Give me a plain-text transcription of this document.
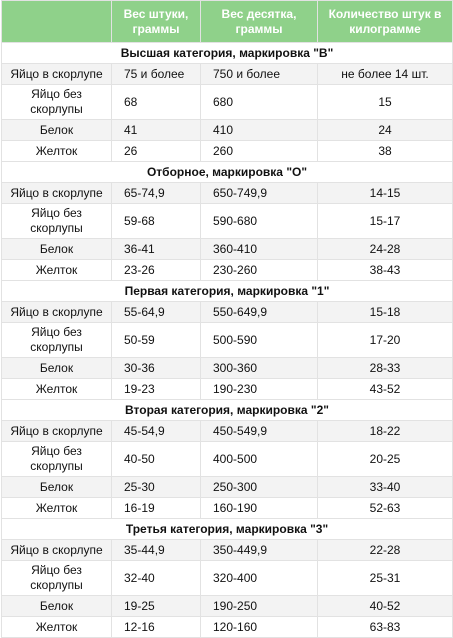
	Вес штуки, граммы	Вес десятка, граммы	Количество штук в килограмме
Высшая категория, маркировка "В"			
Яйцо в скорлупе	75 и более	750 и более	не более 14 шт.
Яйцо без скорлупы	68	680	15
Белок	41	410	24
Желток	26	260	38
Отборное, маркировка "О"			
Яйцо в скорлупе	65-74,9	650-749,9	14-15
Яйцо без скорлупы	59-68	590-680	15-17
Белок	36-41	360-410	24-28
Желток	23-26	230-260	38-43
Первая категория, маркировка "1"			
Яйцо в скорлупе	55-64,9	550-649,9	15-18
Яйцо без скорлупы	50-59	500-590	17-20
Белок	30-36	300-360	28-33
Желток	19-23	190-230	43-52
Вторая категория, маркировка "2"			
Яйцо в скорлупе	45-54,9	450-549,9	18-22
Яйцо без скорлупы	40-50	400-500	20-25
Белок	25-30	250-300	33-40
Желток	16-19	160-190	52-63
Третья категория, маркировка "3"			
Яйцо в скорлупе	35-44,9	350-449,9	22-28
Яйцо без скорлупы	32-40	320-400	25-31
Белок	19-25	190-250	40-52
Желток	12-16	120-160	63-83
